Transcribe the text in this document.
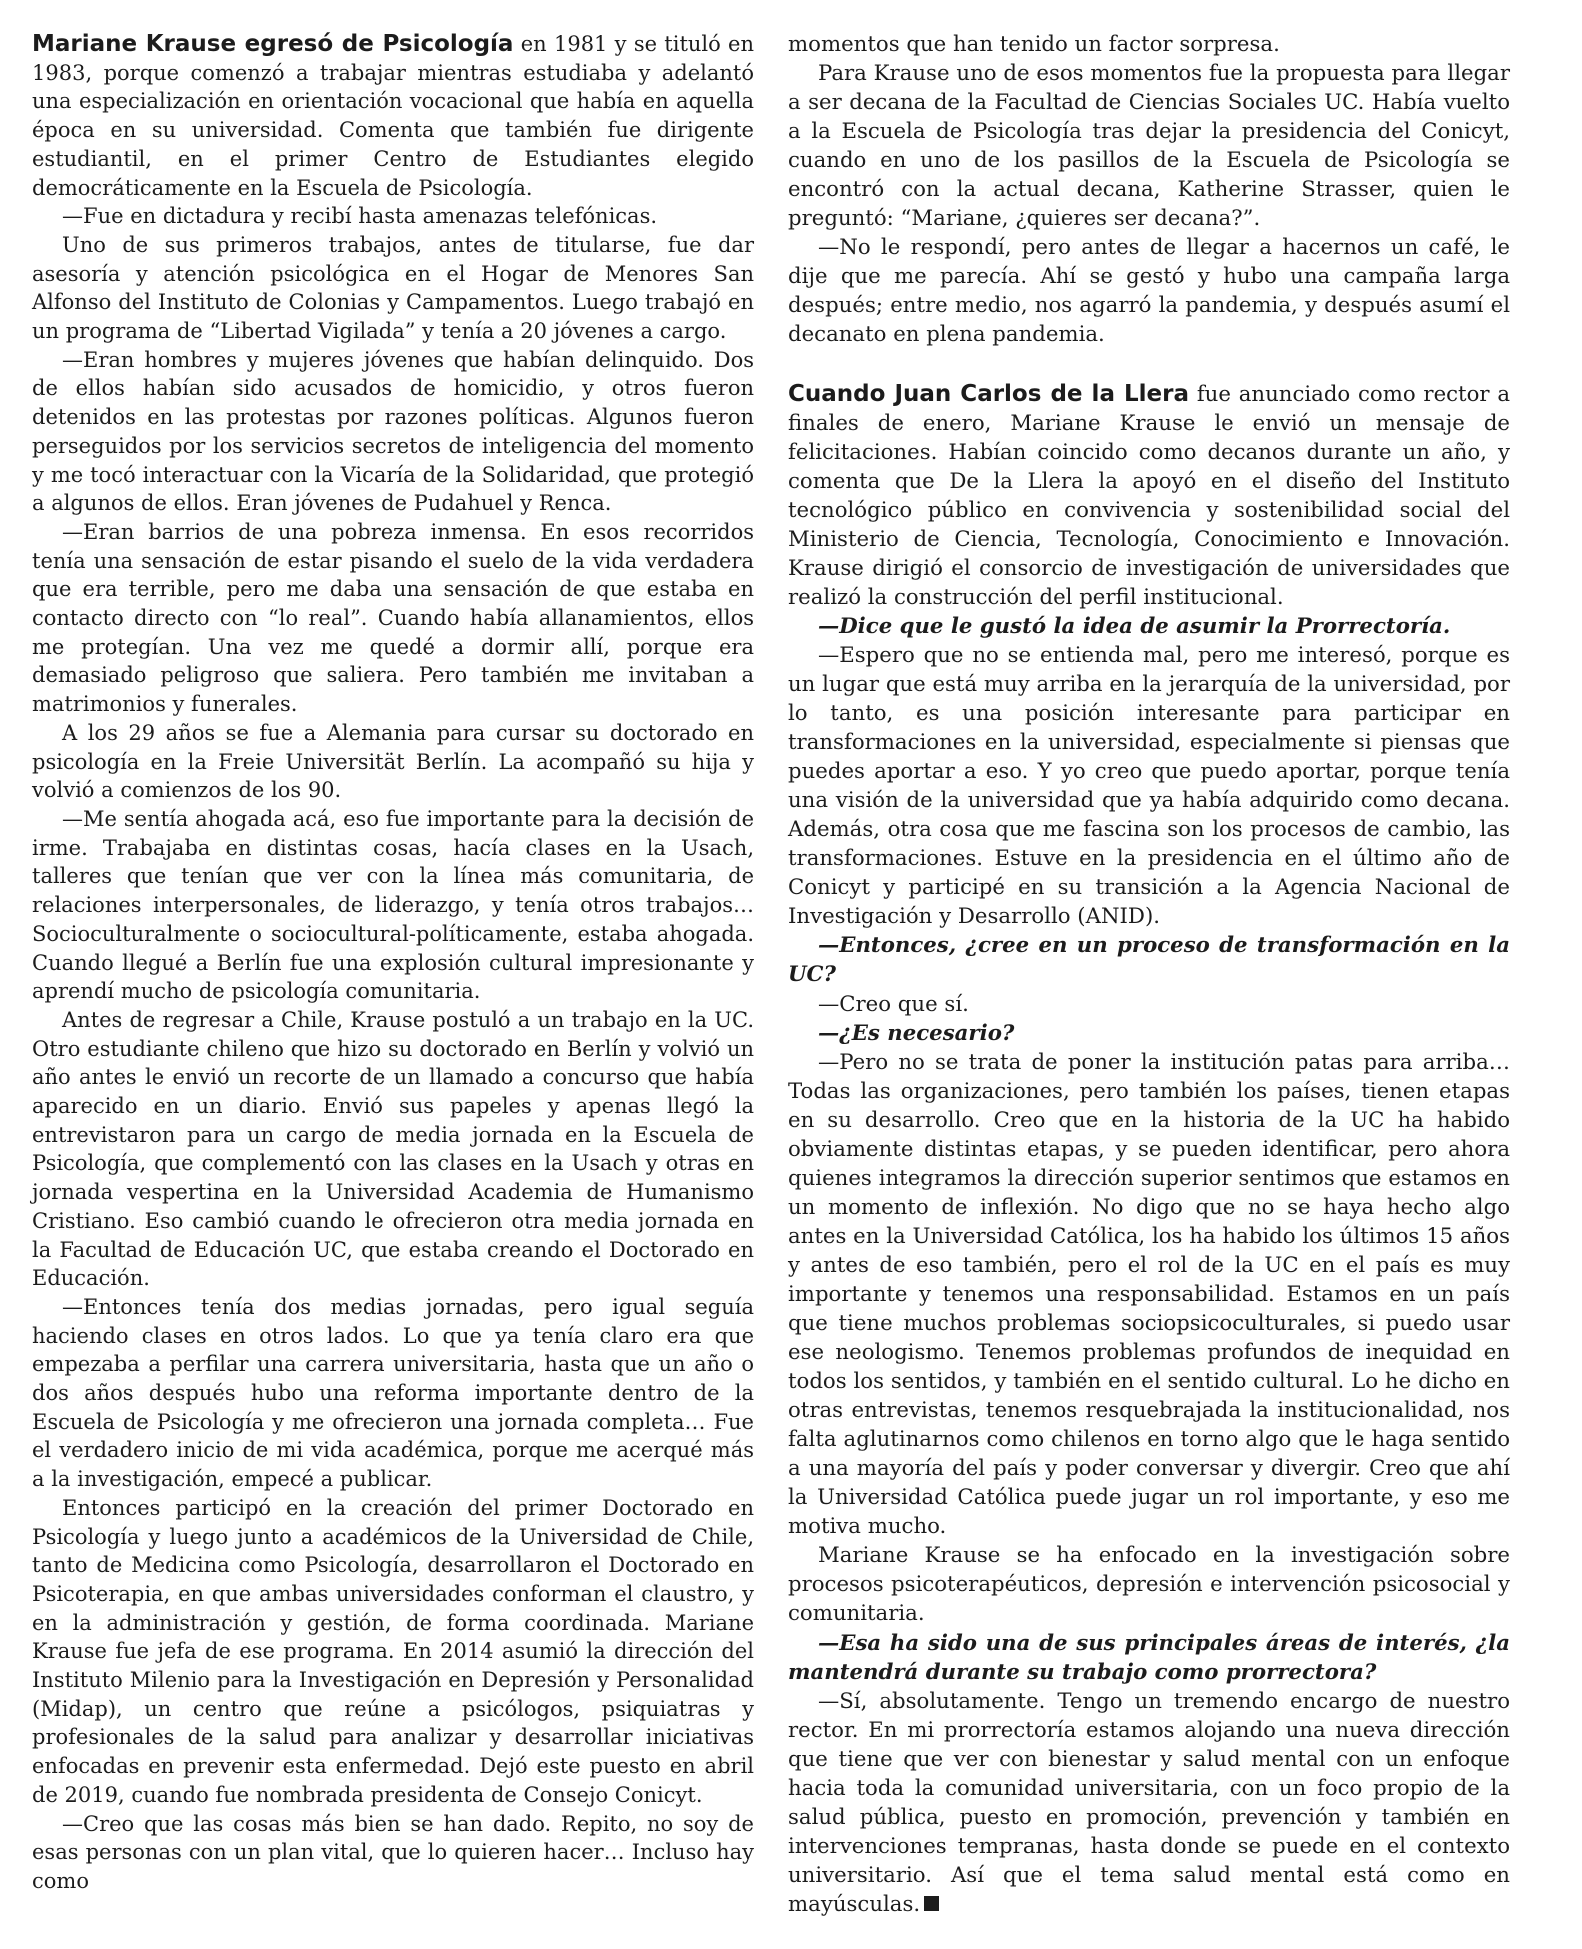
Mariane Krause egresó de Psicología en 1981 y se tituló en 1983, porque comenzó a trabajar mientras estudiaba y adelantó una especialización en orientación vocacional que había en aquella época en su universidad. Comenta que también fue dirigente estudiantil, en el primer Centro de Estudiantes elegido democráticamente en la Escuela de Psicología.

—Fue en dictadura y recibí hasta amenazas telefónicas.

Uno de sus primeros trabajos, antes de titularse, fue dar asesoría y atención psicológica en el Hogar de Menores San Alfonso del Instituto de Colonias y Campamentos. Luego trabajó en un programa de “Libertad Vigilada” y tenía a 20 jóvenes a cargo.

—Eran hombres y mujeres jóvenes que habían delinquido. Dos de ellos habían sido acusados de homicidio, y otros fueron detenidos en las protestas por razones políticas. Algunos fueron perseguidos por los servicios secretos de inteligencia del momento y me tocó interactuar con la Vicaría de la Solidaridad, que protegió a algunos de ellos. Eran jóvenes de Pudahuel y Renca.

—Eran barrios de una pobreza inmensa. En esos recorridos tenía una sensación de estar pisando el suelo de la vida verdadera que era terrible, pero me daba una sensación de que estaba en contacto directo con “lo real”. Cuando había allanamientos, ellos me protegían. Una vez me quedé a dormir allí, porque era demasiado peligroso que saliera. Pero también me invitaban a matrimonios y funerales.

A los 29 años se fue a Alemania para cursar su doctorado en psicología en la Freie Universität Berlín. La acompañó su hija y volvió a comienzos de los 90.

—Me sentía ahogada acá, eso fue importante para la decisión de irme. Trabajaba en distintas cosas, hacía clases en la Usach, talleres que tenían que ver con la línea más comunitaria, de relaciones interpersonales, de liderazgo, y tenía otros trabajos… Socioculturalmente o sociocultural-políticamente, estaba ahogada. Cuando llegué a Berlín fue una explosión cultural impresionante y aprendí mucho de psicología comunitaria.

Antes de regresar a Chile, Krause postuló a un trabajo en la UC. Otro estudiante chileno que hizo su doctorado en Berlín y volvió un año antes le envió un recorte de un llamado a concurso que había aparecido en un diario. Envió sus papeles y apenas llegó la entrevistaron para un cargo de media jornada en la Escuela de Psicología, que complementó con las clases en la Usach y otras en jornada vespertina en la Universidad Academia de Humanismo Cristiano. Eso cambió cuando le ofrecieron otra media jornada en la Facultad de Educación UC, que estaba creando el Doctorado en Educación.

—Entonces tenía dos medias jornadas, pero igual seguía haciendo clases en otros lados. Lo que ya tenía claro era que empezaba a perfilar una carrera universitaria, hasta que un año o dos años después hubo una reforma importante dentro de la Escuela de Psicología y me ofrecieron una jornada completa… Fue el verdadero inicio de mi vida académica, porque me acerqué más a la investigación, empecé a publicar.

Entonces participó en la creación del primer Doctorado en Psicología y luego junto a académicos de la Universidad de Chile, tanto de Medicina como Psicología, desarrollaron el Doctorado en Psicoterapia, en que ambas universidades conforman el claustro, y en la administración y gestión, de forma coordinada. Mariane Krause fue jefa de ese programa. En 2014 asumió la dirección del Instituto Milenio para la Investigación en Depresión y Personalidad (Midap), un centro que reúne a psicólogos, psiquiatras y profesionales de la salud para analizar y desarrollar iniciativas enfocadas en prevenir esta enfermedad. Dejó este puesto en abril de 2019, cuando fue nombrada presidenta de Consejo Conicyt.

—Creo que las cosas más bien se han dado. Repito, no soy de esas personas con un plan vital, que lo quieren hacer… Incluso hay como

momentos que han tenido un factor sorpresa.

Para Krause uno de esos momentos fue la propuesta para llegar a ser decana de la Facultad de Ciencias Sociales UC. Había vuelto a la Escuela de Psicología tras dejar la presidencia del Conicyt, cuando en uno de los pasillos de la Escuela de Psicología se encontró con la actual decana, Katherine Strasser, quien le preguntó: “Mariane, ¿quieres ser decana?”.

—No le respondí, pero antes de llegar a hacernos un café, le dije que me parecía. Ahí se gestó y hubo una campaña larga después; entre medio, nos agarró la pandemia, y después asumí el decanato en plena pandemia.

Cuando Juan Carlos de la Llera fue anunciado como rector a finales de enero, Mariane Krause le envió un mensaje de felicitaciones. Habían coincido como decanos durante un año, y comenta que De la Llera la apoyó en el diseño del Instituto tecnológico público en convivencia y sostenibilidad social del Ministerio de Ciencia, Tecnología, Conocimiento e Innovación. Krause dirigió el consorcio de investigación de universidades que realizó la construcción del perfil institucional.

—Dice que le gustó la idea de asumir la Prorrectoría.

—Espero que no se entienda mal, pero me interesó, porque es un lugar que está muy arriba en la jerarquía de la universidad, por lo tanto, es una posición interesante para participar en transformaciones en la universidad, especialmente si piensas que puedes aportar a eso. Y yo creo que puedo aportar, porque tenía una visión de la universidad que ya había adquirido como decana. Además, otra cosa que me fascina son los procesos de cambio, las transformaciones. Estuve en la presidencia en el último año de Conicyt y participé en su transición a la Agencia Nacional de Investigación y Desarrollo (ANID).

—Entonces, ¿cree en un proceso de transformación en la UC?

—Creo que sí.

—¿Es necesario?

—Pero no se trata de poner la institución patas para arriba… Todas las organizaciones, pero también los países, tienen etapas en su desarrollo. Creo que en la historia de la UC ha habido obviamente distintas etapas, y se pueden identificar, pero ahora quienes integramos la dirección superior sentimos que estamos en un momento de inflexión. No digo que no se haya hecho algo antes en la Universidad Católica, los ha habido los últimos 15 años y antes de eso también, pero el rol de la UC en el país es muy importante y tenemos una responsabilidad. Estamos en un país que tiene muchos problemas sociopsicoculturales, si puedo usar ese neologismo. Tenemos problemas profundos de inequidad en todos los sentidos, y también en el sentido cultural. Lo he dicho en otras entrevistas, tenemos resquebrajada la institucionalidad, nos falta aglutinarnos como chilenos en torno algo que le haga sentido a una mayoría del país y poder conversar y divergir. Creo que ahí la Universidad Católica puede jugar un rol importante, y eso me motiva mucho.

Mariane Krause se ha enfocado en la investigación sobre procesos psicoterapéuticos, depresión e intervención psicosocial y comunitaria.

—Esa ha sido una de sus principales áreas de interés, ¿la mantendrá durante su trabajo como prorrectora?

—Sí, absolutamente. Tengo un tremendo encargo de nuestro rector. En mi prorrectoría estamos alojando una nueva dirección que tiene que ver con bienestar y salud mental con un enfoque hacia toda la comunidad universitaria, con un foco propio de la salud pública, puesto en promoción, prevención y también en intervenciones tempranas, hasta donde se puede en el contexto universitario. Así que el tema salud mental está como en mayúsculas.
